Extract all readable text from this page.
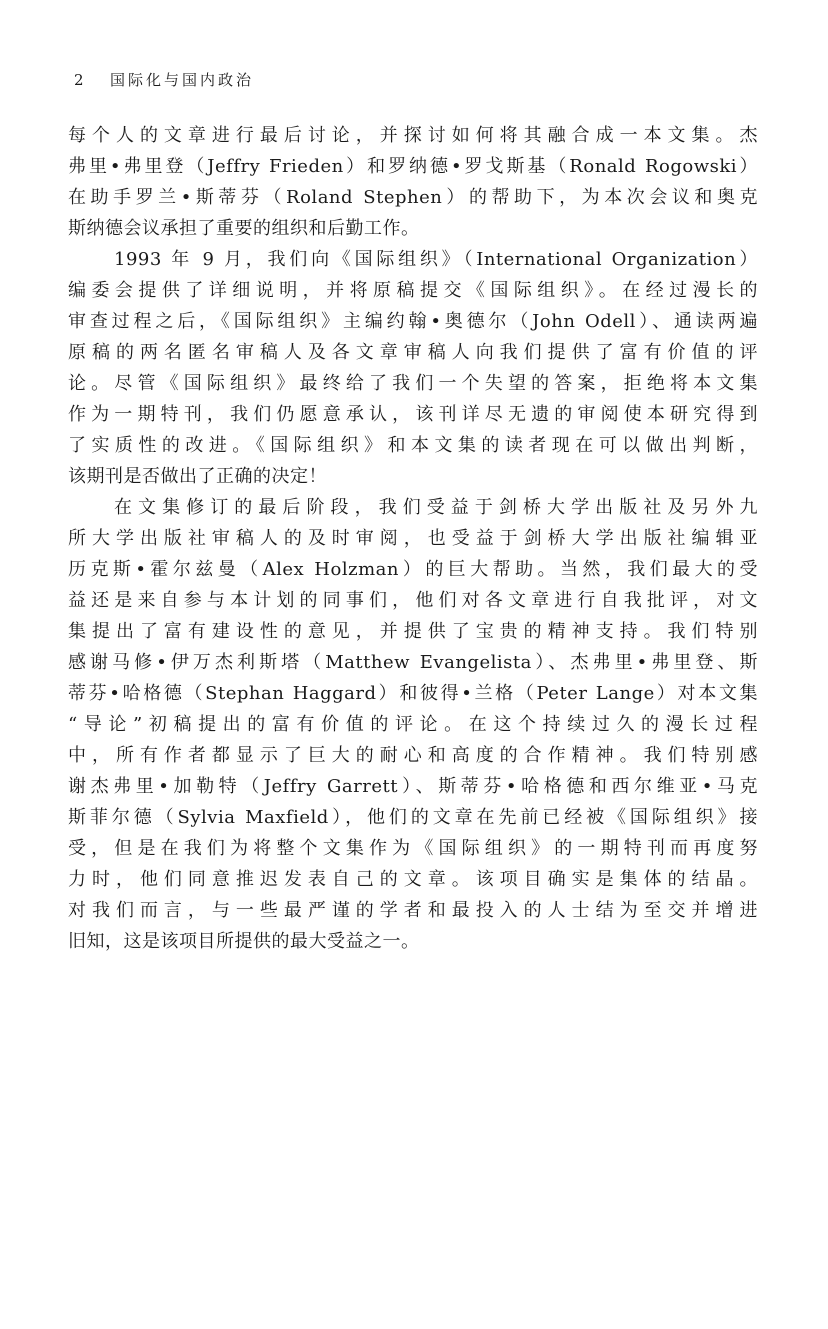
2 国际化与国内政治
每个人的文章进行最后讨论，并探讨如何将其融合成一本文集。杰
弗里•弗里登（Jeffry Frieden）和罗纳德•罗戈斯基（Ronald Rogowski）
在助手罗兰•斯蒂芬（Roland Stephen）的帮助下，为本次会议和奥克
斯纳德会议承担了重要的组织和后勤工作。
1993 年 9 月，我们向《国际组织》（International Organization）
编委会提供了详细说明，并将原稿提交《国际组织》。在经过漫长的
审查过程之后，《国际组织》主编约翰•奥德尔（John Odell）、通读两遍
原稿的两名匿名审稿人及各文章审稿人向我们提供了富有价值的评
论。尽管《国际组织》最终给了我们一个失望的答案，拒绝将本文集
作为一期特刊，我们仍愿意承认，该刊详尽无遗的审阅使本研究得到
了实质性的改进。《国际组织》和本文集的读者现在可以做出判断，
该期刊是否做出了正确的决定！
在文集修订的最后阶段，我们受益于剑桥大学出版社及另外九
所大学出版社审稿人的及时审阅，也受益于剑桥大学出版社编辑亚
历克斯•霍尔兹曼（Alex Holzman）的巨大帮助。当然，我们最大的受
益还是来自参与本计划的同事们，他们对各文章进行自我批评，对文
集提出了富有建设性的意见，并提供了宝贵的精神支持。我们特别
感谢马修•伊万杰利斯塔（Matthew Evangelista）、杰弗里•弗里登、斯
蒂芬•哈格德（Stephan Haggard）和彼得•兰格（Peter Lange）对本文集
“导论”初稿提出的富有价值的评论。在这个持续过久的漫长过程
中，所有作者都显示了巨大的耐心和高度的合作精神。我们特别感
谢杰弗里•加勒特（Jeffry Garrett）、斯蒂芬•哈格德和西尔维亚•马克
斯菲尔德（Sylvia Maxfield），他们的文章在先前已经被《国际组织》接
受，但是在我们为将整个文集作为《国际组织》的一期特刊而再度努
力时，他们同意推迟发表自己的文章。该项目确实是集体的结晶。
对我们而言，与一些最严谨的学者和最投入的人士结为至交并增进
旧知，这是该项目所提供的最大受益之一。
